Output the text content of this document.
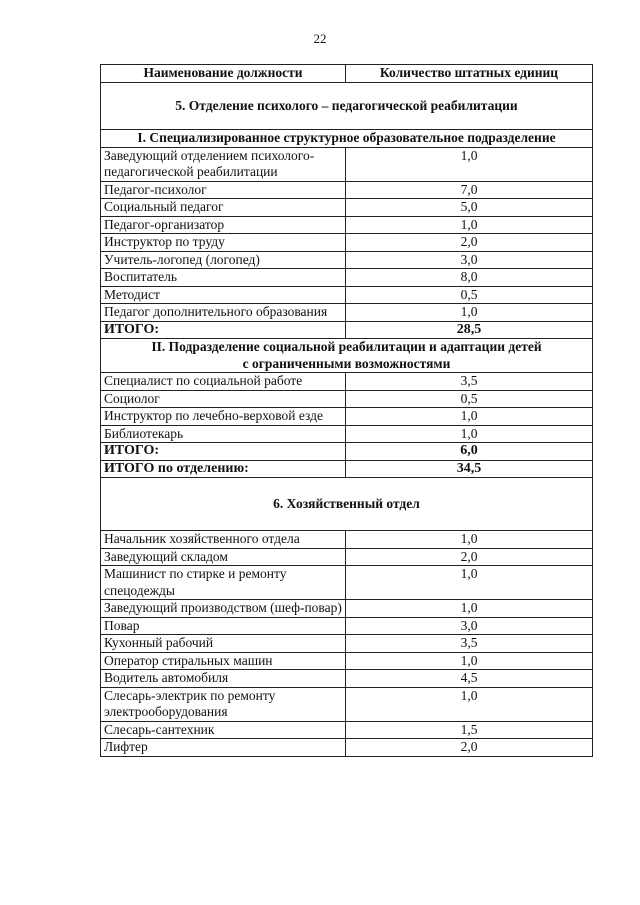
22
Наименование должности	Количество штатных единиц
5. Отделение психолого – педагогической реабилитации	
I. Специализированное структурное образовательное подразделение	
Заведующий отделением психолого-педагогической реабилитации	1,0
Педагог-психолог	7,0
Социальный педагог	5,0
Педагог-организатор	1,0
Инструктор по труду	2,0
Учитель-логопед (логопед)	3,0
Воспитатель	8,0
Методист	0,5
Педагог дополнительного образования	1,0
ИТОГО:	28,5
II. Подразделение социальной реабилитации и адаптации детей с ограниченными возможностями	
Специалист по социальной работе	3,5
Социолог	0,5
Инструктор по лечебно-верховой езде	1,0
Библиотекарь	1,0
ИТОГО:	6,0
ИТОГО по отделению:	34,5
6. Хозяйственный отдел	
Начальник хозяйственного отдела	1,0
Заведующий складом	2,0
Машинист по стирке и ремонту спецодежды	1,0
Заведующий производством (шеф-повар)	1,0
Повар	3,0
Кухонный рабочий	3,5
Оператор стиральных машин	1,0
Водитель автомобиля	4,5
Слесарь-электрик по ремонту электрооборудования	1,0
Слесарь-сантехник	1,5
Лифтер	2,0
